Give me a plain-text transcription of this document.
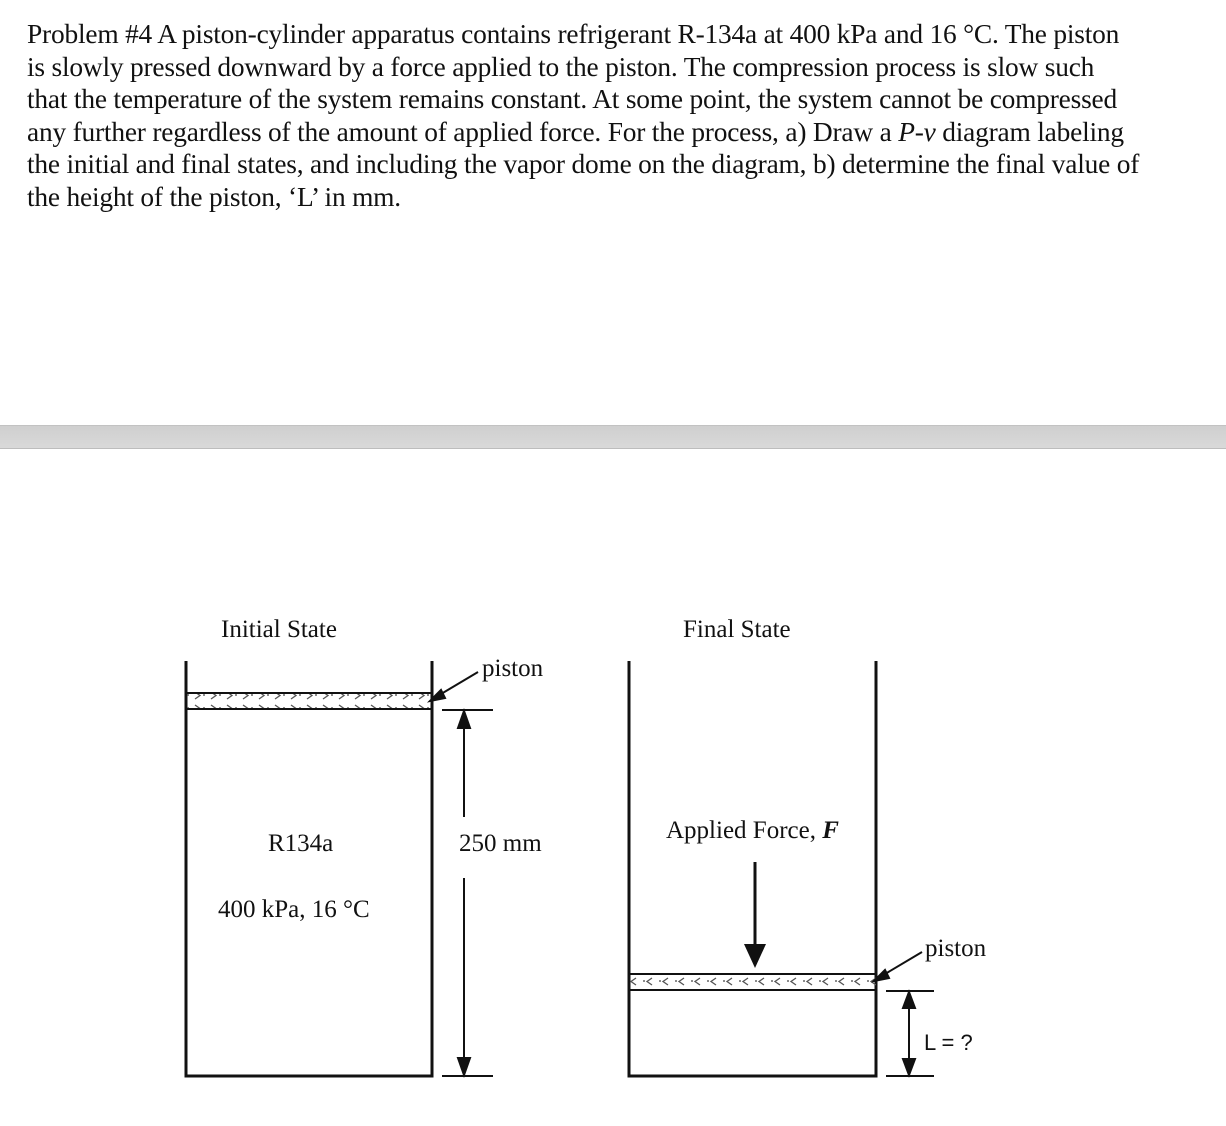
Problem #4 A piston-cylinder apparatus contains refrigerant R-134a at 400 kPa and 16 °C. The piston
is slowly pressed downward by a force applied to the piston. The compression process is slow such
that the temperature of the system remains constant. At some point, the system cannot be compressed
any further regardless of the amount of applied force. For the process, a) Draw a P-v diagram labeling
the initial and final states, and including the vapor dome on the diagram, b) determine the final value of
the height of the piston, ‘L’ in mm.
Initial State	Final State
piston
R134a	250 mm
400 kPa, 16 °C
Applied Force, F
piston
L = ?
